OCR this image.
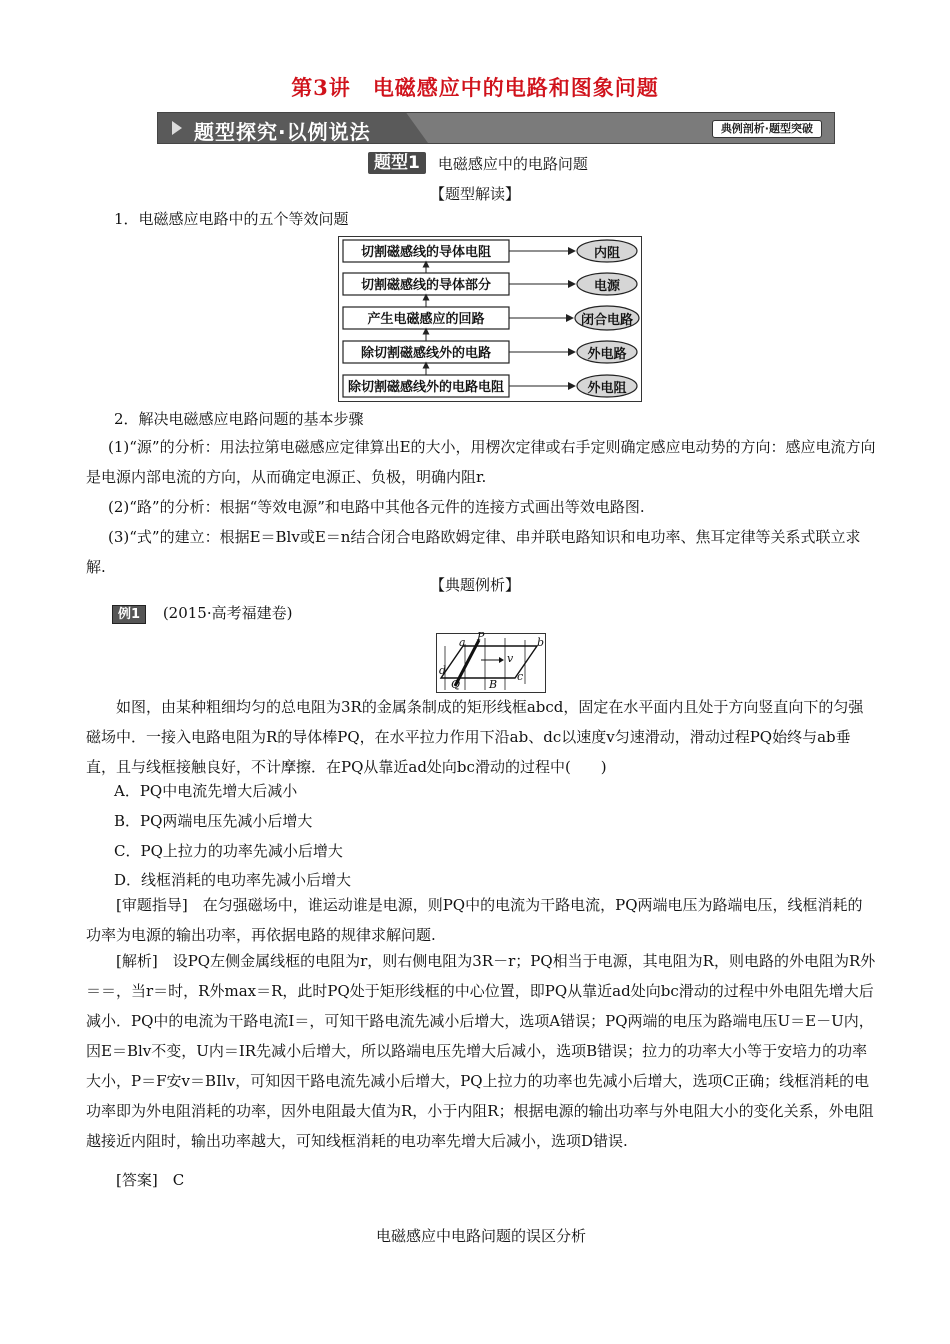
第3讲 电磁感应中的电路和图象问题
题型探究·以例说法	典例剖析·题型突破
题型1 电磁感应中的电路问题
【题型解读】
1．电磁感应电路中的五个等效问题
切割磁感线的导体电阻
切割磁感线的导体部分
产生电磁感应的回路
除切割磁感线外的电路
除切割磁感线外的电路电阻
内阻
电源
闭合电路
外电路
外电阻
2．解决电磁感应电路问题的基本步骤

(1)“源”的分析：用法拉第电磁感应定律算出E的大小，用楞次定律或右手定则确定感应电动势的方向：感应电流方向是电源内部电流的方向，从而确定电源正、负极，明确内阻r.

(2)“路”的分析：根据“等效电源”和电路中其他各元件的连接方式画出等效电路图.

(3)“式”的建立：根据E＝Blv或E＝n结合闭合电路欧姆定律、串并联电路知识和电功率、焦耳定律等关系式联立求解.

【典题例析】
例1 (2015·高考福建卷)
a P	b
d
v
c
Q	B

如图，由某种粗细均匀的总电阻为3R的金属条制成的矩形线框abcd，固定在水平面内且处于方向竖直向下的匀强磁场中．一接入电路电阻为R的导体棒PQ，在水平拉力作用下沿ab、dc以速度v匀速滑动，滑动过程PQ始终与ab垂直，且与线框接触良好，不计摩擦．在PQ从靠近ad处向bc滑动的过程中(　　)

A．PQ中电流先增大后减小
B．PQ两端电压先减小后增大
C．PQ上拉力的功率先减小后增大
D．线框消耗的电功率先减小后增大

[审题指导]　在匀强磁场中，谁运动谁是电源，则PQ中的电流为干路电流，PQ两端电压为路端电压，线框消耗的功率为电源的输出功率，再依据电路的规律求解问题.

[解析]　设PQ左侧金属线框的电阻为r，则右侧电阻为3R－r；PQ相当于电源，其电阻为R，则电路的外电阻为R外＝＝，当r＝时，R外max＝R，此时PQ处于矩形线框的中心位置，即PQ从靠近ad处向bc滑动的过程中外电阻先增大后减小．PQ中的电流为干路电流I＝，可知干路电流先减小后增大，选项A错误；PQ两端的电压为路端电压U＝E－U内，因E＝Blv不变，U内＝IR先减小后增大，所以路端电压先增大后减小，选项B错误；拉力的功率大小等于安培力的功率大小，P＝F安v＝BIlv，可知因干路电流先减小后增大，PQ上拉力的功率也先减小后增大，选项C正确；线框消耗的电功率即为外电阻消耗的功率，因外电阻最大值为R，小于内阻R；根据电源的输出功率与外电阻大小的变化关系，外电阻越接近内阻时，输出功率越大，可知线框消耗的电功率先增大后减小，选项D错误.

[答案]　C
电磁感应中电路问题的误区分析
